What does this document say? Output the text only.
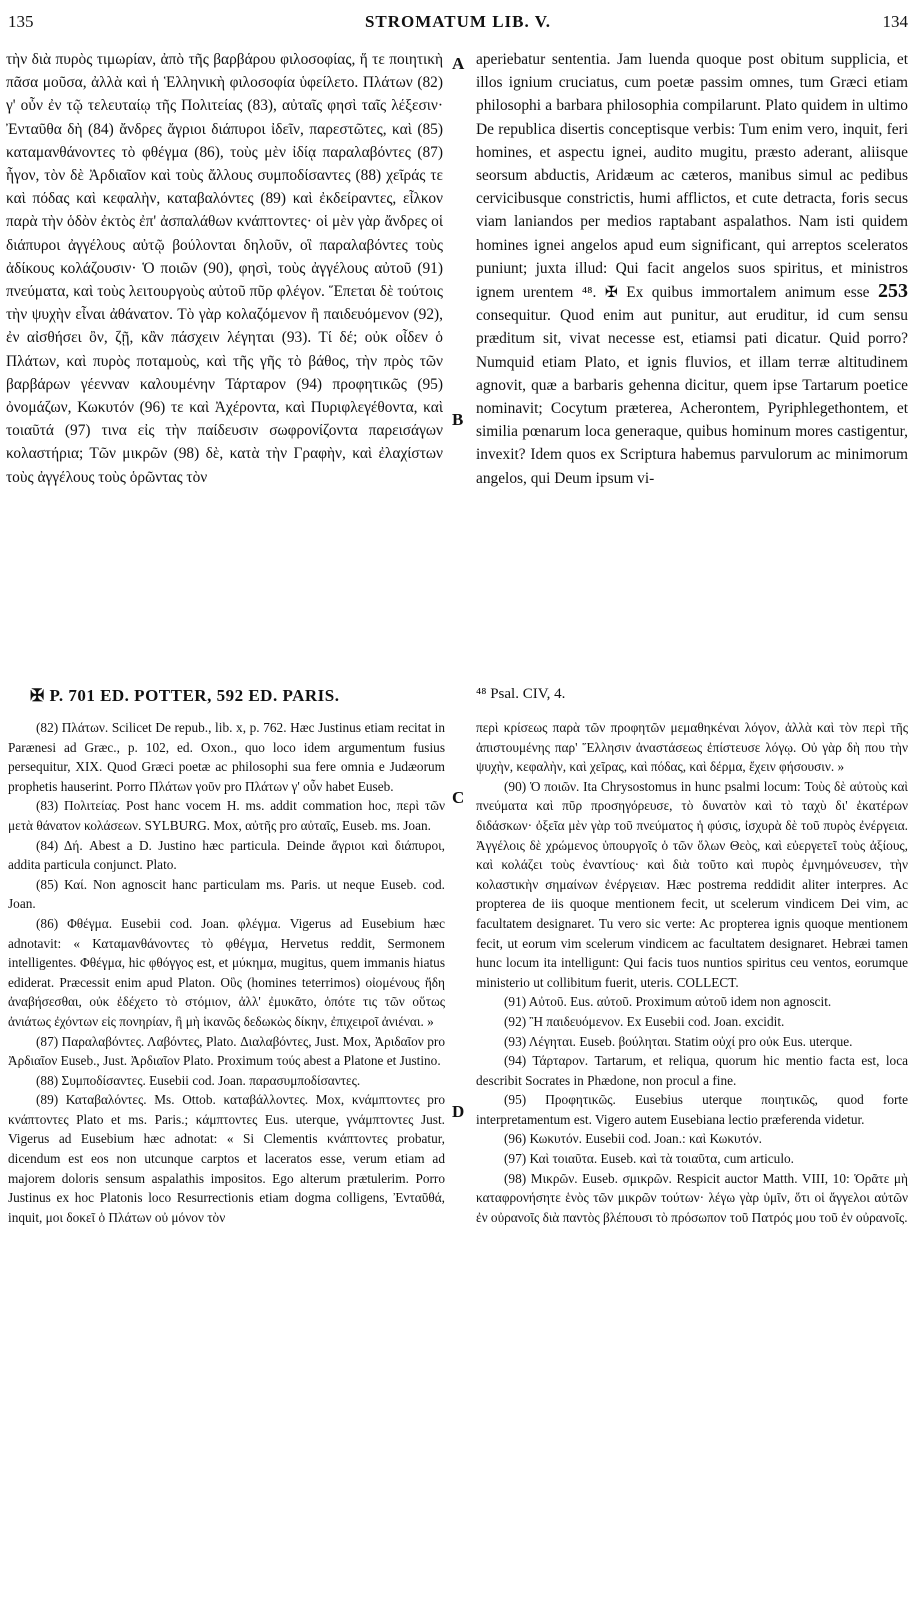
135	STROMATUM LIB. V.	134

τὴν διὰ πυρὸς τιμωρίαν, ἀπὸ τῆς βαρβάρου φιλοσοφίας, ἥ τε ποιητικὴ πᾶσα μοῦσα, ἀλλὰ καὶ ἡ Ἑλληνικὴ φιλοσοφία ὑφείλετο. Πλάτων (82) γ' οὖν ἐν τῷ τελευταίῳ τῆς Πολιτείας (83), αὐταῖς φησὶ ταῖς λέξεσιν· Ἐνταῦθα δὴ (84) ἄνδρες ἄγριοι διάπυροι ἰδεῖν, παρεστῶτες, καὶ (85) καταμανθάνοντες τὸ φθέγμα (86), τοὺς μὲν ἰδίᾳ παραλαβόντες (87) ἦγον, τὸν δὲ Ἀρδιαῖον καὶ τοὺς ἄλλους συμποδίσαντες (88) χεῖράς τε καὶ πόδας καὶ κεφαλὴν, καταβαλόντες (89) καὶ ἐκδείραντες, εἷλκον παρὰ τὴν ὁδὸν ἐκτὸς ἐπ' ἀσπαλάθων κνάπτοντες· οἱ μὲν γὰρ ἄνδρες οἱ διάπυροι ἀγγέλους αὐτῷ βούλονται δηλοῦν, οἳ παραλαβόντες τοὺς ἀδίκους κολάζουσιν· Ὁ ποιῶν (90), φησὶ, τοὺς ἀγγέλους αὐτοῦ (91) πνεύματα, καὶ τοὺς λειτουργοὺς αὐτοῦ πῦρ φλέγον. Ἕπεται δὲ τούτοις τὴν ψυχὴν εἶναι ἀθάνατον. Τὸ γὰρ κολαζόμενον ἢ παιδευόμενον (92), ἐν αἰσθήσει ὂν, ζῇ, κἂν πάσχειν λέγηται (93). Τί δέ; οὐκ οἶδεν ὁ Πλάτων, καὶ πυρὸς ποταμοὺς, καὶ τῆς γῆς τὸ βάθος, τὴν πρὸς τῶν βαρβάρων γέενναν καλουμένην Τάρταρον (94) προφητικῶς (95) ὀνομάζων, Κωκυτόν (96) τε καὶ Ἀχέροντα, καὶ Πυριφλεγέθοντα, καὶ τοιαῦτά (97) τινα εἰς τὴν παίδευσιν σωφρονίζοντα παρεισάγων κολαστήρια; Τῶν μικρῶν (98) δὲ, κατὰ τὴν Γραφὴν, καὶ ἐλαχίστων τοὺς ἀγγέλους τοὺς ὁρῶντας τὸν

A
B
C
D

aperiebatur sententia. Jam luenda quoque post obitum supplicia, et illos ignium cruciatus, cum poetæ passim omnes, tum Græci etiam philosophi a barbara philosophia compilarunt. Plato quidem in ultimo De republica disertis conceptisque verbis: Tum enim vero, inquit, feri homines, et aspectu ignei, audito mugitu, præsto aderant, aliisque seorsum abductis, Aridæum ac cæteros, manibus simul ac pedibus cervicibusque constrictis, humi afflictos, et cute detracta, foris secus viam laniandos per medios raptabant aspalathos. Nam isti quidem homines ignei angelos apud eum significant, qui arreptos sceleratos puniunt; juxta illud: Qui facit angelos suos spiritus, et ministros ignem urentem ⁴⁸. ✠ Ex quibus immortalem animum esse 253 consequitur. Quod enim aut punitur, aut eruditur, id cum sensu præditum sit, vivat necesse est, etiamsi pati dicatur. Quid porro? Numquid etiam Plato, et ignis fluvios, et illam terræ altitudinem agnovit, quæ a barbaris gehenna dicitur, quem ipse Tartarum poetice nominavit; Cocytum præterea, Acherontem, Pyriphlegethontem, et similia pœnarum loca generaque, quibus hominum mores castigentur, invexit? Idem quos ex Scriptura habemus parvulorum ac minimorum angelos, qui Deum ipsum vi-

✠ P. 701 ED. POTTER, 592 ED. PARIS.	⁴⁸ Psal. CIV, 4.

(82) Πλάτων. Scilicet De repub., lib. x, p. 762. Hæc Justinus etiam recitat in Parænesi ad Græc., p. 102, ed. Oxon., quo loco idem argumentum fusius persequitur, XIX. Quod Græci poetæ ac philosophi sua fere omnia e Judæorum prophetis hauserint. Porro Πλάτων γοῦν pro Πλάτων γ' οὖν habet Euseb.

(83) Πολιτείας. Post hanc vocem H. ms. addit commation hoc, περὶ τῶν μετὰ θάνατον κολάσεων. SYLBURG. Mox, αὐτῆς pro αὐταῖς, Euseb. ms. Joan.

(84) Δή. Abest a D. Justino hæc particula. Deinde ἄγριοι καὶ διάπυροι, addita particula conjunct. Plato.

(85) Καί. Non agnoscit hanc particulam ms. Paris. ut neque Euseb. cod. Joan.

(86) Φθέγμα. Eusebii cod. Joan. φλέγμα. Vigerus ad Eusebium hæc adnotavit: « Καταμανθάνοντες τὸ φθέγμα, Hervetus reddit, Sermonem intelligentes. Φθέγμα, hic φθόγγος est, et μύκημα, mugitus, quem immanis hiatus ediderat. Præcessit enim apud Platon. Οὓς (homines teterrimos) οἰομένους ἤδη ἀναβήσεσθαι, οὐκ ἐδέχετο τὸ στόμιον, ἀλλ' ἐμυκᾶτο, ὁπότε τις τῶν οὕτως ἀνιάτως ἐχόντων εἰς πονηρίαν, ἢ μὴ ἱκανῶς δεδωκὼς δίκην, ἐπιχειροῖ ἀνιέναι. »

(87) Παραλαβόντες. Λαβόντες, Plato. Διαλαβόντες, Just. Mox, Ἀριδαῖον pro Ἀρδιαῖον Euseb., Just. Ἀρδιαῖον Plato. Proximum τούς abest a Platone et Justino.

(88) Συμποδίσαντες. Eusebii cod. Joan. παρασυμποδίσαντες.

(89) Καταβαλόντες. Ms. Ottob. καταβάλλοντες. Mox, κνάμπτοντες pro κνάπτοντες Plato et ms. Paris.; κάμπτοντες Eus. uterque, γνάμπτοντες Just. Vigerus ad Eusebium hæc adnotat: « Si Clementis κνάπτοντες probatur, dicendum est eos non utcunque carptos et laceratos esse, verum etiam ad majorem doloris sensum aspalathis impositos. Ego alterum prætulerim. Porro Justinus ex hoc Platonis loco Resurrectionis etiam dogma colligens, Ἐνταῦθά, inquit, μοι δοκεῖ ὁ Πλάτων οὐ μόνον τὸν

περὶ κρίσεως παρὰ τῶν προφητῶν μεμαθηκέναι λόγον, ἀλλὰ καὶ τὸν περὶ τῆς ἀπιστουμένης παρ' Ἕλλησιν ἀναστάσεως ἐπίστευσε λόγῳ. Οὐ γὰρ δὴ που τὴν ψυχὴν, κεφαλὴν, καὶ χεῖρας, καὶ πόδας, καὶ δέρμα, ἔχειν φήσουσιν. »

(90) Ὁ ποιῶν. Ita Chrysostomus in hunc psalmi locum: Τοὺς δὲ αὐτοὺς καὶ πνεύματα καὶ πῦρ προσηγόρευσε, τὸ δυνατὸν καὶ τὸ ταχὺ δι' ἑκατέρων διδάσκων· ὀξεῖα μὲν γὰρ τοῦ πνεύματος ἡ φύσις, ἰσχυρὰ δὲ τοῦ πυρὸς ἐνέργεια. Ἀγγέλοις δὲ χρώμενος ὑπουργοῖς ὁ τῶν ὅλων Θεὸς, καὶ εὐεργετεῖ τοὺς ἀξίους, καὶ κολάζει τοὺς ἐναντίους· καὶ διὰ τοῦτο καὶ πυρὸς ἐμνημόνευσεν, τὴν κολαστικὴν σημαίνων ἐνέργειαν. Hæc postrema reddidit aliter interpres. Ac propterea de iis quoque mentionem fecit, ut scelerum vindicem Dei vim, ac facultatem designaret. Tu vero sic verte: Ac propterea ignis quoque mentionem fecit, ut eorum vim scelerum vindicem ac facultatem designaret. Hebræi tamen hunc locum ita intelligunt: Qui facis tuos nuntios spiritus ceu ventos, eorumque ministerio ut collibitum fuerit, uteris. COLLECT.

(91) Αὐτοῦ. Eus. αὐτοῦ. Proximum αὐτοῦ idem non agnoscit.

(92) Ἢ παιδευόμενον. Ex Eusebii cod. Joan. excidit.

(93) Λέγηται. Euseb. βούληται. Statim οὐχί pro οὐκ Eus. uterque.

(94) Τάρταρον. Tartarum, et reliqua, quorum hic mentio facta est, loca describit Socrates in Phædone, non procul a fine.

(95) Προφητικῶς. Eusebius uterque ποιητικῶς, quod forte interpretamentum est. Vigero autem Eusebiana lectio præferenda videtur.

(96) Κωκυτόν. Eusebii cod. Joan.: καὶ Κωκυτόν.

(97) Καὶ τοιαῦτα. Euseb. καὶ τὰ τοιαῦτα, cum articulo.

(98) Μικρῶν. Euseb. σμικρῶν. Respicit auctor Matth. VIII, 10: Ὁρᾶτε μὴ καταφρονήσητε ἑνὸς τῶν μικρῶν τούτων· λέγω γὰρ ὑμῖν, ὅτι οἱ ἄγγελοι αὐτῶν ἐν οὐρανοῖς διὰ παντὸς βλέπουσι τὸ πρόσωπον τοῦ Πατρός μου τοῦ ἐν οὐρανοῖς.
